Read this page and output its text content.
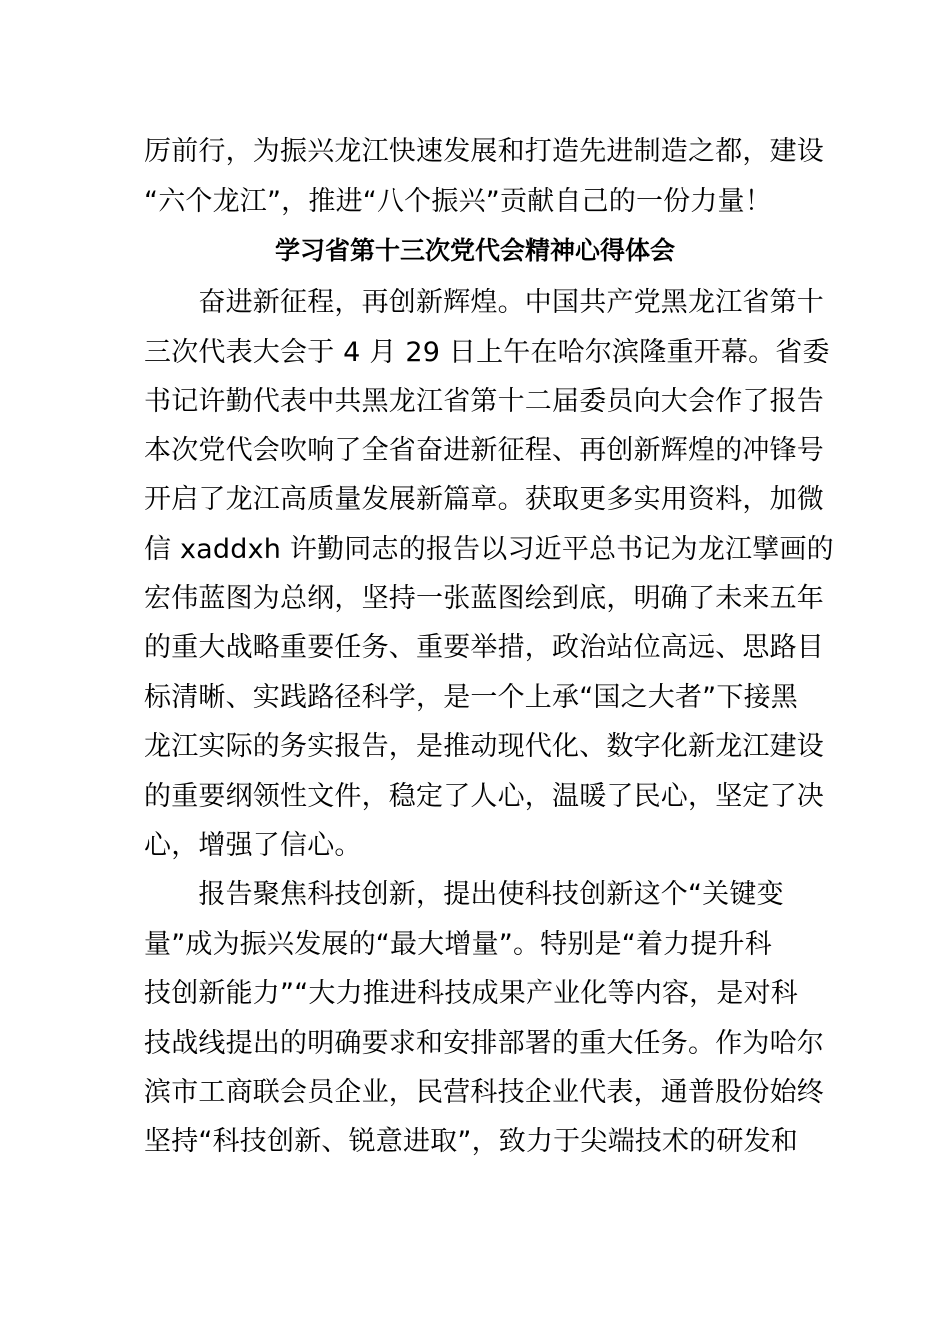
厉前行，为振兴龙江快速发展和打造先进制造之都，建设
“六个龙江”，推进“八个振兴”贡献自己的一份力量！
学习省第十三次党代会精神心得体会
　　奋进新征程，再创新辉煌。中国共产党黑龙江省第十
三次代表大会于 4 月 29 日上午在哈尔滨隆重开幕。省委
书记许勤代表中共黑龙江省第十二届委员向大会作了报告
本次党代会吹响了全省奋进新征程、再创新辉煌的冲锋号
开启了龙江高质量发展新篇章。获取更多实用资料，加微
信 xaddxh 许勤同志的报告以习近平总书记为龙江擘画的
宏伟蓝图为总纲，坚持一张蓝图绘到底，明确了未来五年
的重大战略重要任务、重要举措，政治站位高远、思路目
标清晰、实践路径科学，是一个上承“国之大者”下接黑
龙江实际的务实报告，是推动现代化、数字化新龙江建设
的重要纲领性文件，稳定了人心，温暖了民心，坚定了决
心，增强了信心。
　　报告聚焦科技创新，提出使科技创新这个“关键变
量”成为振兴发展的“最大增量”。特别是“着力提升科
技创新能力”“大力推进科技成果产业化等内容，是对科
技战线提出的明确要求和安排部署的重大任务。作为哈尔
滨市工商联会员企业，民营科技企业代表，通普股份始终
坚持“科技创新、锐意进取”，致力于尖端技术的研发和
